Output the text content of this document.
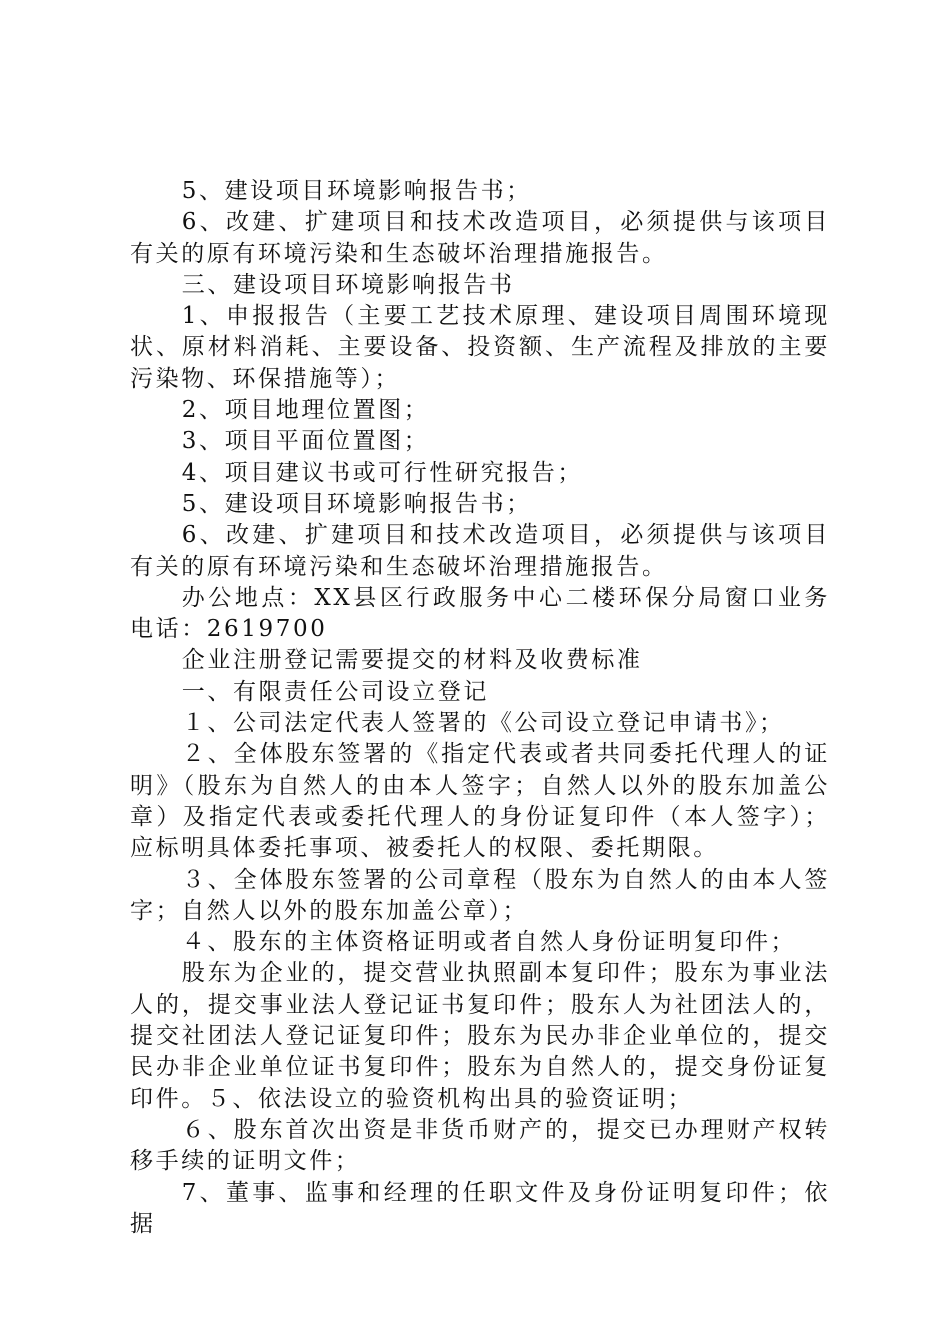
5、建设项目环境影响报告书；

6、改建、扩建项目和技术改造项目，必须提供与该项目有关的原有环境污染和生态破坏治理措施报告。

三、建设项目环境影响报告书

1、申报报告（主要工艺技术原理、建设项目周围环境现状、原材料消耗、主要设备、投资额、生产流程及排放的主要污染物、环保措施等）；

2、项目地理位置图；

3、项目平面位置图；

4、项目建议书或可行性研究报告；

5、建设项目环境影响报告书；

6、改建、扩建项目和技术改造项目，必须提供与该项目有关的原有环境污染和生态破坏治理措施报告。

办公地点：XX县区行政服务中心二楼环保分局窗口业务电话：2619700

企业注册登记需要提交的材料及收费标准

一、有限责任公司设立登记

１、公司法定代表人签署的《公司设立登记申请书》；

２、全体股东签署的《指定代表或者共同委托代理人的证明》（股东为自然人的由本人签字；自然人以外的股东加盖公章）及指定代表或委托代理人的身份证复印件（本人签字）；应标明具体委托事项、被委托人的权限、委托期限。

３、全体股东签署的公司章程（股东为自然人的由本人签字；自然人以外的股东加盖公章）；

４、股东的主体资格证明或者自然人身份证明复印件；

股东为企业的，提交营业执照副本复印件；股东为事业法人的，提交事业法人登记证书复印件；股东人为社团法人的，提交社团法人登记证复印件；股东为民办非企业单位的，提交民办非企业单位证书复印件；股东为自然人的，提交身份证复印件。５、依法设立的验资机构出具的验资证明；

６、股东首次出资是非货币财产的，提交已办理财产权转移手续的证明文件；

7、董事、监事和经理的任职文件及身份证明复印件；依据
